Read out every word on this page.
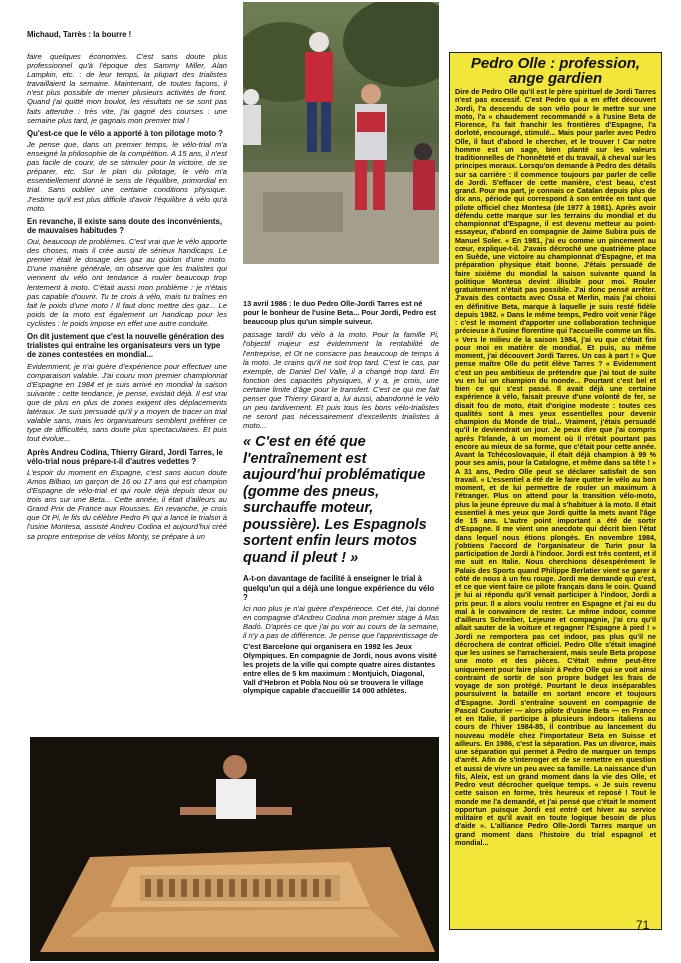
Michaud, Tarrès : la bourre !

faire quelques économies. C'est sans doute plus professionnel qu'à l'époque des Sammy Miller, Alan Lampkin, etc. : de leur temps, la plupart des trialistes travaillaient la semaine. Maintenant, de toutes façons, il n'est plus possible de mener plusieurs activités de front. Quand j'ai quitté mon boulot, les résultats ne se sont pas faits attendre : très vite, j'ai gagné des courses : une semaine plus tard, je gagnais mon premier trial !

Qu'est-ce que le vélo a apporté à ton pilotage moto ?

Je pense que, dans un premier temps, le vélo-trial m'a enseigné la philosophie de la compétition. A 15 ans, il n'est pas facile de courir, de se stimuler pour la victoire, de se préparer, etc. Sur le plan du pilotage, le vélo m'a essentiellement donné le sens de l'équilibre, primordial en trial. Sans oublier une certaine conditions physique. J'estime qu'il est plus difficile d'avoir l'équilibre à vélo qu'à moto.

En revanche, il existe sans doute des inconvénients, de mauvaises habitudes ?

Oui, beaucoup de problèmes. C'est vrai que le vélo apporte des choses, mais il crée aussi de sérieux handicaps. Le premier était le dosage des gaz au guidon d'une moto. D'une manière générale, on observe que les trialistes qui viennent du vélo ont tendance à rouler beaucoup trop lentement à moto. C'était aussi mon problème : je n'étais pas capable d'ouvrir. Tu te crois à vélo, mais tu traînes en fait le poids d'une moto ! Il faut donc mettre des gaz... Le poids de la moto est également un handicap pour les cyclistes : le poids impose en effet une autre conduite.

On dit justement que c'est la nouvelle génération des trialistes qui entraîne les organisateurs vers un type de zones contestées en mondial...

Evidemment, je n'ai guère d'expérience pour effectuer une comparaison valable. J'ai couru mon premier championnat d'Espagne en 1984 et je suis arrivé en mondial la saison suivante : cette tendance, je pense, existait déjà. Il est vrai que de plus en plus de zones exigent des déplacements latéraux. Je suis persuadé qu'il y a moyen de tracer un trial valable sans, mais les organisateurs semblent préférer ce type de difficultés, sans doute plus spectaculaires. Et puis tout évolue...

Après Andreu Codina, Thierry Girard, Jordi Tarres, le vélo-trial nous prépare-t-il d'autres vedettes ?

L'espoir du moment en Espagne, c'est sans aucun doute Amos Bilbao, un garçon de 16 ou 17 ans qui est champion d'Espagne de vélo-trial et qui roule déjà depuis deux ou trois ans sur une Beta... Cette année, il était d'ailleurs au Grand Prix de France aux Rousses. En revanche, je crois que Ot Pi, le fils du célèbre Pedro Pi qui a lancé le trialsin à l'usine Montesa, assisté Andreu Codina et aujourd'hui créé sa propre entreprise de vélos Monty, se prépare à un

13 avril 1986 : le duo Pedro Olle-Jordi Tarres est né pour le bonheur de l'usine Beta... Pour Jordi, Pedro est beaucoup plus qu'un simple suiveur.

passage tardif du vélo à la moto. Pour la famille Pi, l'objectif majeur est évidemment la rentabilité de l'entreprise, et Ot ne consacre pas beaucoup de temps à la moto. Je crains qu'il ne soit trop tard. C'est le cas, par exemple, de Daniel Del Valle, il a changé trop tard. En fonction des capacités physiques, il y a, je crois, une certaine limite d'âge pour le transfert. C'est ce qui me fait penser que Thierry Girard a, lui aussi, abandonné le vélo un peu tardivement. Et puis tous les bons vélo-trialistes ne seront pas nécessairement d'excellents trialistes à moto...

« C'est en été que l'entraînement est aujourd'hui problématique (gomme des pneus, surchauffe moteur, poussière). Les Espagnols sortent enfin leurs motos quand il pleut ! »

A-t-on davantage de facilité à enseigner le trial à quelqu'un qui a déjà une longue expérience du vélo ?

Ici non plus je n'ai guère d'expérience. Cet été, j'ai donné en compagnie d'Andreu Codina mon premier stage à Mas Badó. D'après ce que j'ai pu voir au cours de la semaine, il n'y a pas de différence. Je pense que l'apprentissage de

C'est Barcelone qui organisera en 1992 les Jeux Olympiques. En compagnie de Jordi, nous avons visité les projets de la ville qui compte quatre aires distantes entre elles de 5 km maximum : Montjuich, Diagonal, Vall d'Hebron et Pobla Nou où se trouvera le village olympique capable d'accueillir 14 000 athlètes.

Pedro Olle : profession,
ange gardien

Dire de Pedro Olle qu'il est le père spirituel de Jordi Tarres n'est pas excessif. C'est Pedro qui a en effet découvert Jordi, l'a descendu de son vélo pour le mettre sur une moto, l'a « chaudement recommandé » à l'usine Beta de Florence, l'a fait franchir les frontières d'Espagne, l'a dorloté, encouragé, stimulé... Mais pour parler avec Pedro Olle, il faut d'abord le chercher, et le trouver ! Car notre homme est un sage, bien planté sur les valeurs traditionnelles de l'honnêteté et du travail, à cheval sur les principes moraux. Lorsqu'on demande à Pedro des détails sur sa carrière : il commence toujours par parler de celle de Jordi. S'effacer de cette manière, c'est beau, c'est grand. Pour ma part, je connais ce Catalan depuis plus de dix ans, période qui correspond à son entrée en tant que pilote officiel chez Montesa (de 1977 à 1981). Après avoir défendu cette marque sur les terrains du mondial et du championnat d'Espagne, il est devenu metteur au point-essayeur, d'abord en compagnie de Jaime Subira puis de Manuel Soler. « En 1981, j'ai eu comme un pincement au cœur, explique-t-il. J'avais décroché une quatrième place en Suède, une victoire au championnat d'Espagne, et ma préparation physique était bonne. J'étais persuadé de faire sixième du mondial la saison suivante quand la politique Montesa devint illisible pour moi. Rouler gratuitement n'était pas possible. J'ai donc pensé arrêter. J'avais des contacts avec Ossa et Merlin, mais j'ai choisi en définitive Beta, marque à laquelle je suis resté fidèle depuis 1982. » Dans le même temps, Pedro voit venir l'âge : c'est le moment d'apporter une collaboration technique précieuse à l'usine florentine qui l'accueille comme un fils. « Vers le milieu de la saison 1984, j'ai vu que c'était fini pour moi en matière de mondial. Et puis, au même moment, j'ai découvert Jordi Tarres. Un cas à part ! » Que pense maître Olle du petit élève Tarres ? « Evidemment c'est un peu ambitieux de prétendre que j'ai tout de suite vu en lui un champion du monde... Pourtant c'est bel et bien ce qui s'est passé. Il avait déjà une certaine expérience à vélo, faisait preuve d'une volonté de fer, se disait fou de moto, était d'origine modeste : toutes ces qualités sont à mes yeux essentielles pour devenir champion du Monde de trial... Vraiment, j'étais persuadé qu'il le deviendrait un jour. Je peux dire que j'ai compris après l'Irlande, à un moment où il n'était pourtant pas encore au mieux de sa forme, que c'était pour cette année. Avant la Tchécoslovaquie, il était déjà champion à 99 % pour ses amis, pour la Catalogne, et même dans sa tête ! » A 31 ans, Pedro Olle peut se déclarer satisfait de son travail. « L'essentiel a été de le faire quitter le vélo au bon moment, et de lui permettre de rouler un maximum à l'étranger. Plus on attend pour la transition vélo-moto, plus la jeune épreuve du mal à s'habituer à la moto. Il était essentiel à mes yeux que Jordi quitte la mets avant l'âge de 15 ans. L'autre point important a été de sortir d'Espagne. Il me vient une anecdote qui décrit bien l'état dans lequel nous étions plongés. En novembre 1984, j'obtiens l'accord de l'organisateur de Turin pour la participation de Jordi à l'indoor. Jordi est très content, et il me suit en Italie. Nous cherchions désespérément le Palais des Sports quand Philippe Berlatier vient se garer à côté de nous à un feu rouge. Jordi me demande qui c'est, et ce que vient faire ce pilote français dans le coin. Quand je lui ai répondu qu'il venait participer à l'indoor, Jordi a pris peur. Il a alors voulu rentrer en Espagne et j'ai eu du mal à le convaincre de rester. Le même indoor, comme d'ailleurs Schreiber, Lejeune et compagnie, j'ai cru qu'il allait sauter de la voiture et regagner l'Espagne à pied ! » Jordi ne remportera pas cet indoor, pas plus qu'il ne décrochera de contrat officiel. Pedro Olle s'était imaginé que les usines se l'arracheraient, mais seule Beta propose une moto et des pièces. C'était même peut-être uniquement pour faire plaisir à Pedro Olle qui se voit ainsi contraint de sortir de son propre budget les frais de voyage de son protégé. Pourtant le deux inséparables poursuivent la bataille en sortant encore et toujours d'Espagne. Jordi s'entraîne souvent en compagnie de Pascal Couturier — alors pilote d'usine Beta — en France et en Italie, il participe à plusieurs indoors italiens au cours de l'hiver 1984-85, il contribue au lancement du nouveau modèle chez l'importateur Beta en Suisse et ailleurs. En 1986, c'est la séparation. Pas un divorce, mais une séparation qui permet à Pedro de marquer un temps d'arrêt. Afin de s'interroger et de se remettre en question et aussi de vivre un peu avec sa famille. La naissance d'un fils, Aleix, est un grand moment dans la vie des Olle, et Pedro veut décrocher quelque temps. « Je suis revenu cette saison en forme, très heureux et reposé ! Tout le monde me l'a demandé, et j'ai pensé que c'était le moment opportun puisque Jordi est entré cet hiver au service militaire et qu'il avait en toute logique besoin de plus d'aide ». L'alliance Pedro Olle-Jordi Tarres marque un grand moment dans l'histoire du trial espagnol et mondial...

71
